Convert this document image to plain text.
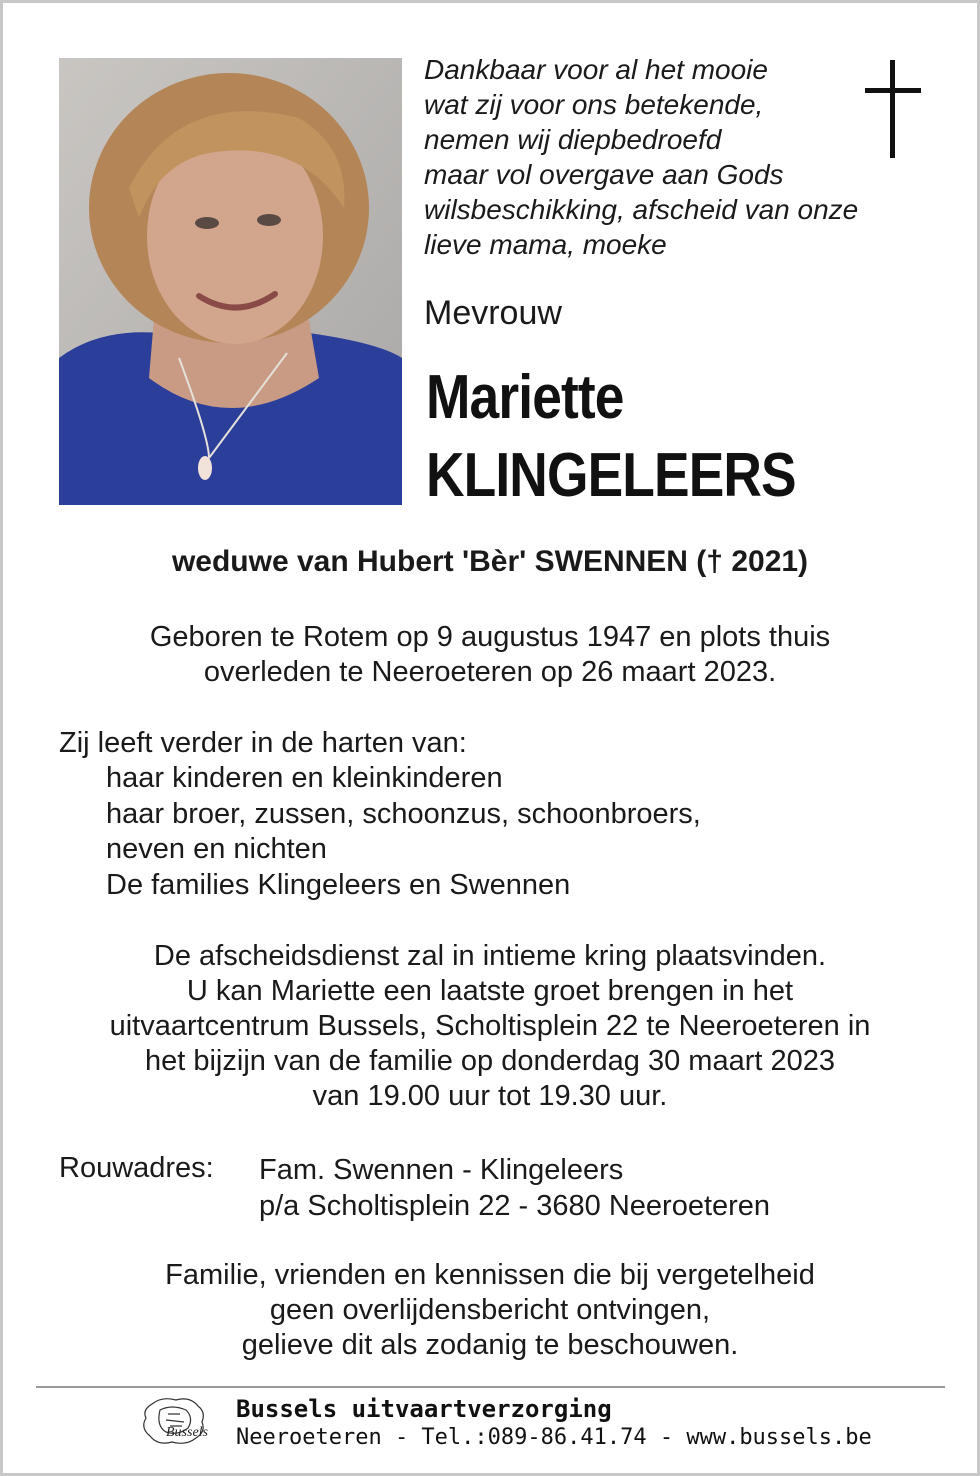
Dankbaar voor al het mooie
wat zij voor ons betekende,
nemen wij diepbedroefd
maar vol overgave aan Gods
wilsbeschikking, afscheid van onze
lieve mama, moeke

Mevrouw

Mariette

KLINGELEERS

weduwe van Hubert 'Bèr' SWENNEN († 2021)

Geboren te Rotem op 9 augustus 1947 en plots thuis
overleden te Neeroeteren op 26 maart 2023.

Zij leeft verder in de harten van:

haar kinderen en kleinkinderen
haar broer, zussen, schoonzus, schoonbroers,
neven en nichten
De families Klingeleers en Swennen

De afscheidsdienst zal in intieme kring plaatsvinden.
U kan Mariette een laatste groet brengen in het
uitvaartcentrum Bussels, Scholtisplein 22 te Neeroeteren in
het bijzijn van de familie op donderdag 30 maart 2023
van 19.00 uur tot 19.30 uur.

Rouwadres: Fam. Swennen - Klingeleers
p/a Scholtisplein 22 - 3680 Neeroeteren

Familie, vrienden en kennissen die bij vergetelheid
geen overlijdensbericht ontvingen,
gelieve dit als zodanig te beschouwen.

Bussels

Bussels uitvaartverzorging

Neeroeteren - Tel.:089-86.41.74 - www.bussels.be
